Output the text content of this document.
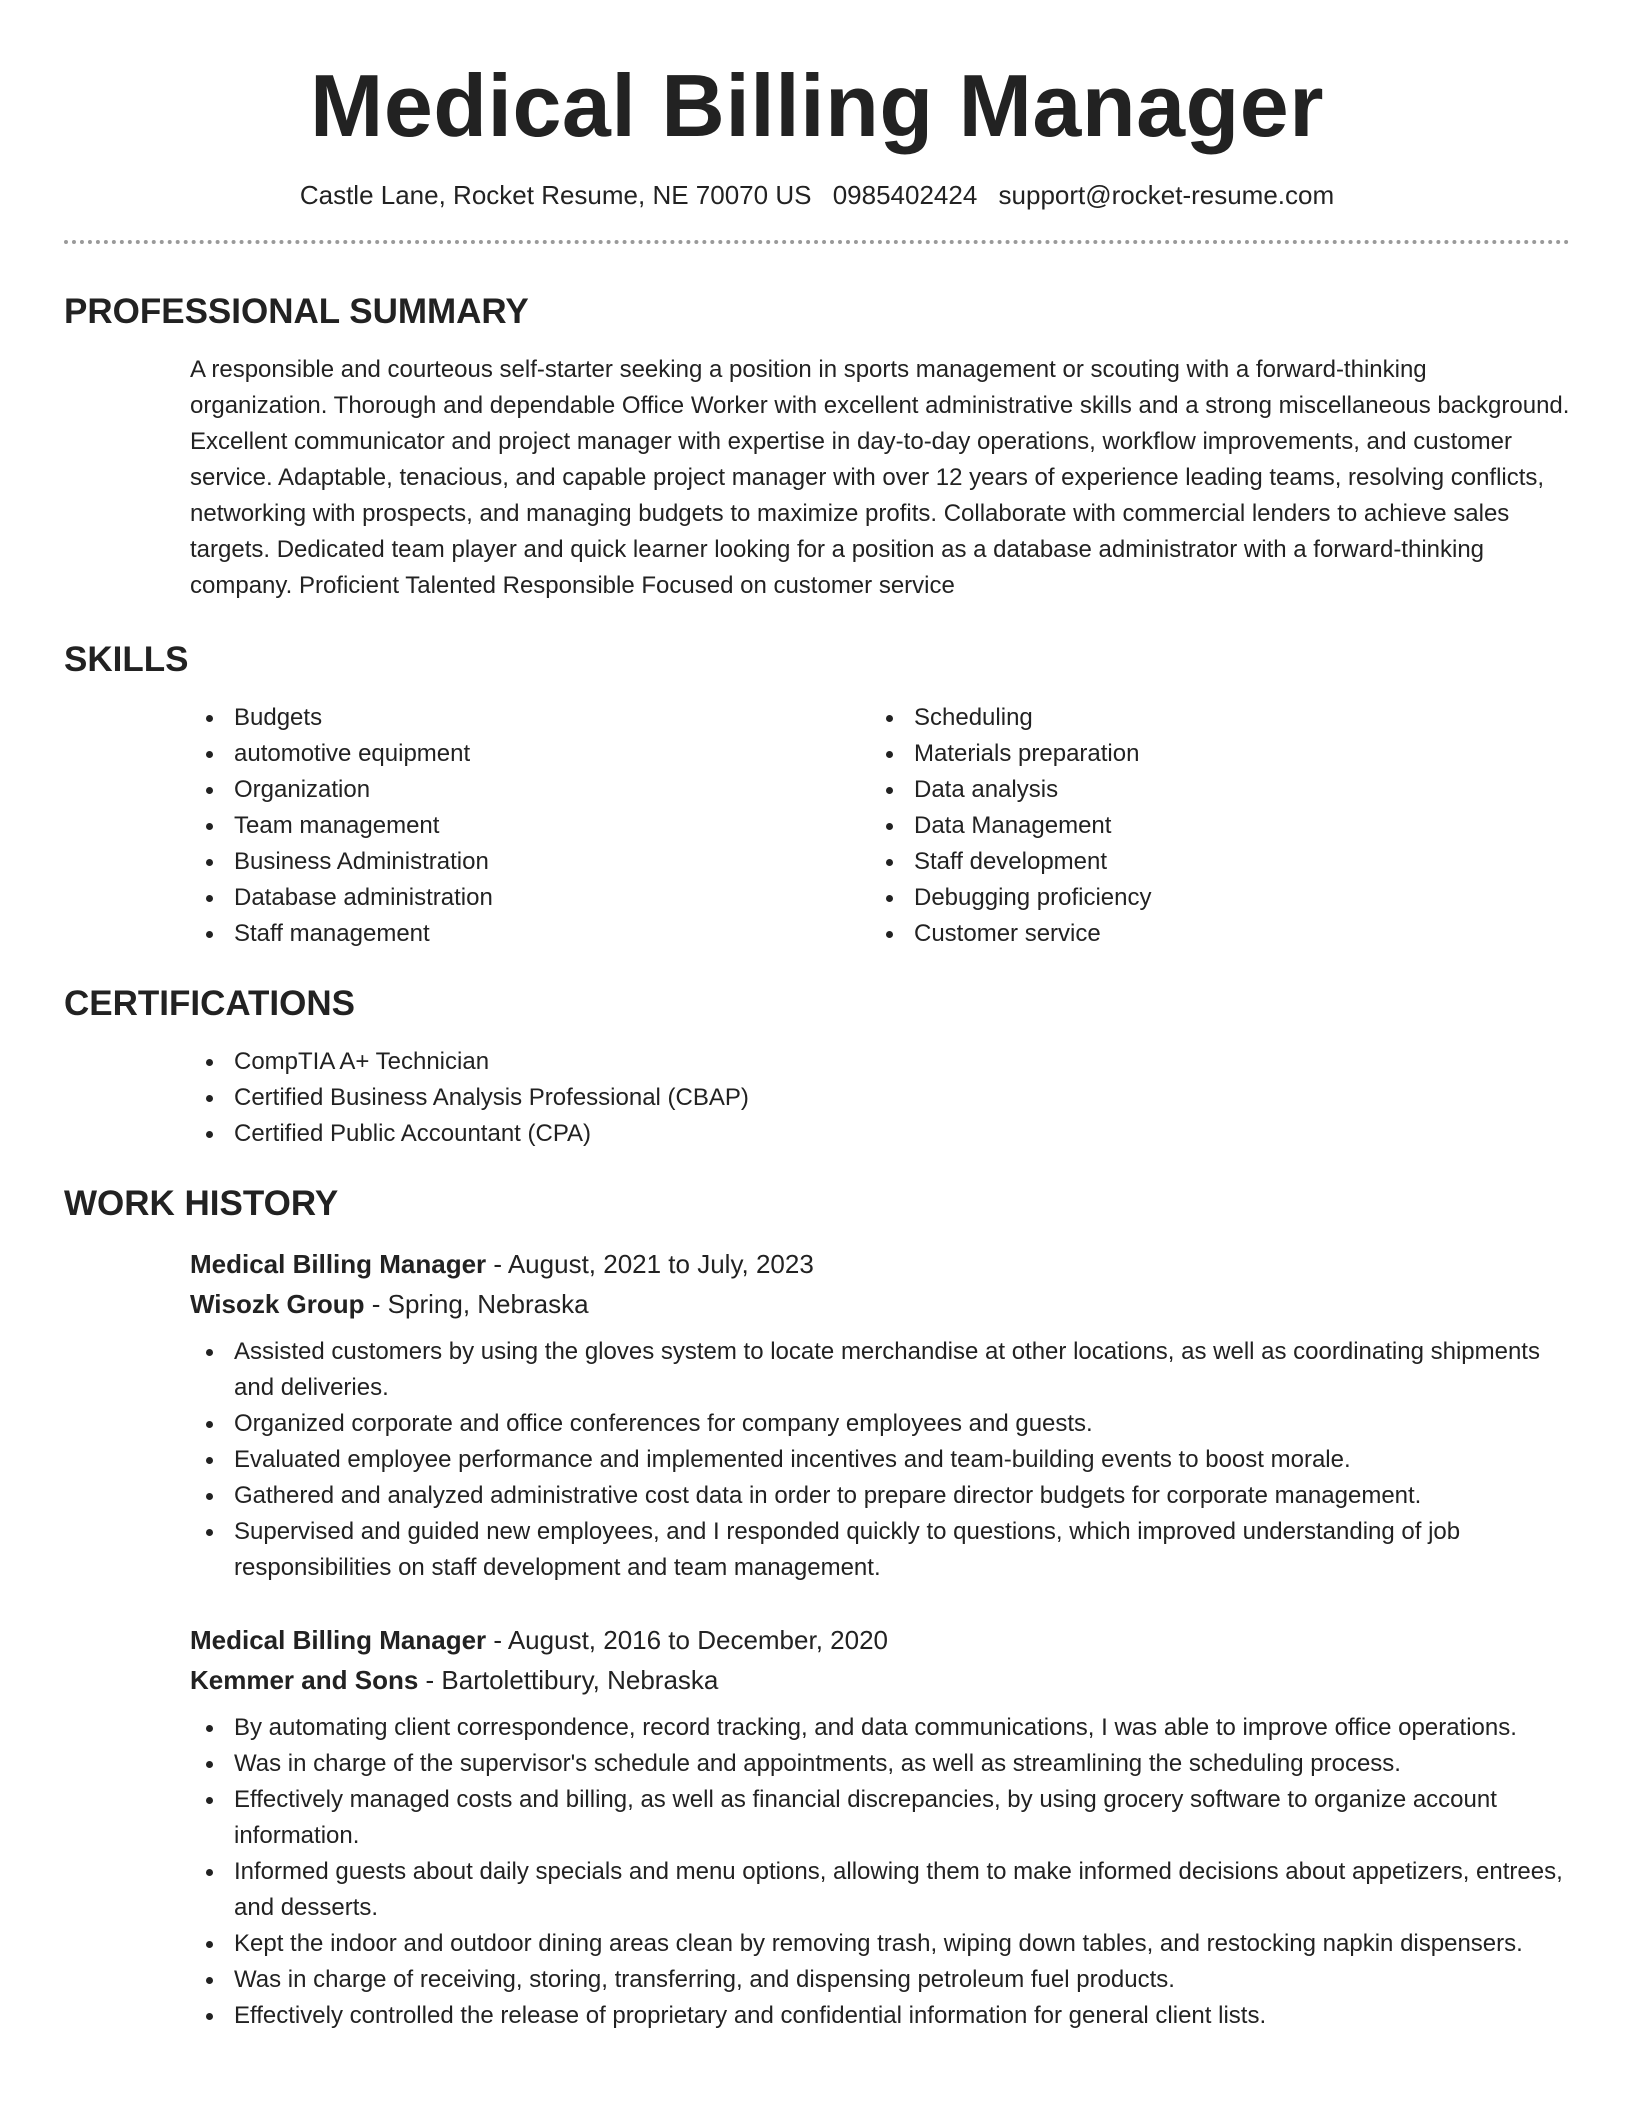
Medical Billing Manager
Castle Lane, Rocket Resume, NE 70070 US 0985402424 support@rocket-resume.com
PROFESSIONAL SUMMARY

A responsible and courteous self-starter seeking a position in sports management or scouting with a forward-thinking organization. Thorough and dependable Office Worker with excellent administrative skills and a strong miscellaneous background. Excellent communicator and project manager with expertise in day-to-day operations, workflow improvements, and customer service. Adaptable, tenacious, and capable project manager with over 12 years of experience leading teams, resolving conflicts, networking with prospects, and managing budgets to maximize profits. Collaborate with commercial lenders to achieve sales targets. Dedicated team player and quick learner looking for a position as a database administrator with a forward-thinking company. Proficient Talented Responsible Focused on customer service

SKILLS
Budgets
automotive equipment
Organization
Team management
Business Administration
Database administration
Staff management
Scheduling
Materials preparation
Data analysis
Data Management
Staff development
Debugging proficiency
Customer service
CERTIFICATIONS
CompTIA A+ Technician
Certified Business Analysis Professional (CBAP)
Certified Public Accountant (CPA)
WORK HISTORY
Medical Billing Manager - August, 2021 to July, 2023
Wisozk Group - Spring, Nebraska
Assisted customers by using the gloves system to locate merchandise at other locations, as well as coordinating shipments and deliveries.
Organized corporate and office conferences for company employees and guests.
Evaluated employee performance and implemented incentives and team-building events to boost morale.
Gathered and analyzed administrative cost data in order to prepare director budgets for corporate management.
Supervised and guided new employees, and I responded quickly to questions, which improved understanding of job responsibilities on staff development and team management.
Medical Billing Manager - August, 2016 to December, 2020
Kemmer and Sons - Bartolettibury, Nebraska
By automating client correspondence, record tracking, and data communications, I was able to improve office operations.
Was in charge of the supervisor's schedule and appointments, as well as streamlining the scheduling process.
Effectively managed costs and billing, as well as financial discrepancies, by using grocery software to organize account information.
Informed guests about daily specials and menu options, allowing them to make informed decisions about appetizers, entrees, and desserts.
Kept the indoor and outdoor dining areas clean by removing trash, wiping down tables, and restocking napkin dispensers.
Was in charge of receiving, storing, transferring, and dispensing petroleum fuel products.
Effectively controlled the release of proprietary and confidential information for general client lists.
